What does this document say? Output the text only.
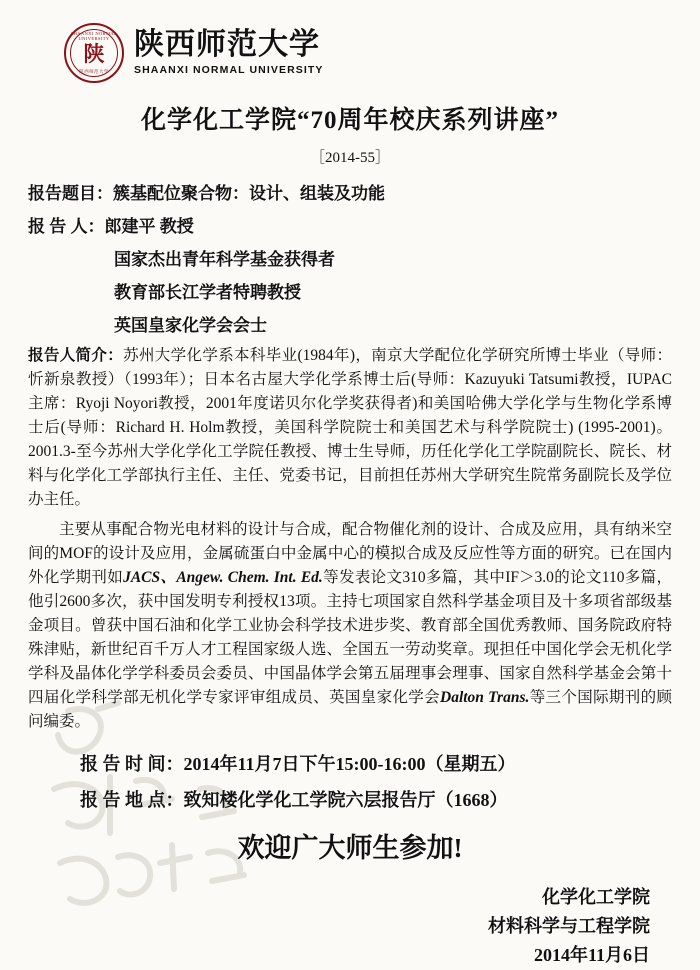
SHAANXI NORMAL UNIVERSITY
陕
陕西师范大学
陕西师范大学
SHAANXI NORMAL UNIVERSITY
化学化工学院“70周年校庆系列讲座”
［2014-55］
报告题目： 簇基配位聚合物：设计、组装及功能
报 告 人： 郎建平 教授
国家杰出青年科学基金获得者
教育部长江学者特聘教授
英国皇家化学会会士
报告人简介：苏州大学化学系本科毕业(1984年)，南京大学配位化学研究所博士毕业（导师：忻新泉教授）（1993年）；日本名古屋大学化学系博士后(导师：Kazuyuki Tatsumi教授，IUPAC主席：Ryoji Noyori教授，2001年度诺贝尔化学奖获得者)和美国哈佛大学化学与生物化学系博士后(导师：Richard H. Holm教授，美国科学院院士和美国艺术与科学院院士) (1995-2001)。2001.3-至今苏州大学化学化工学院任教授、博士生导师，历任化学化工学院副院长、院长、材料与化学化工学部执行主任、主任、党委书记，目前担任苏州大学研究生院常务副院长及学位办主任。
主要从事配合物光电材料的设计与合成，配合物催化剂的设计、合成及应用，具有纳米空间的MOF的设计及应用，金属硫蛋白中金属中心的模拟合成及反应性等方面的研究。已在国内外化学期刊如JACS、Angew. Chem. Int. Ed.等发表论文310多篇，其中IF＞3.0的论文110多篇，他引2600多次，获中国发明专利授权13项。主持七项国家自然科学基金项目及十多项省部级基金项目。曾获中国石油和化学工业协会科学技术进步奖、教育部全国优秀教师、国务院政府特殊津贴，新世纪百千万人才工程国家级人选、全国五一劳动奖章。现担任中国化学会无机化学学科及晶体化学学科委员会委员、中国晶体学会第五届理事会理事、国家自然科学基金会第十四届化学科学部无机化学专家评审组成员、英国皇家化学会Dalton Trans.等三个国际期刊的顾问编委。
报 告 时 间：2014年11月7日下午15:00-16:00（星期五）
报 告 地 点：致知楼化学化工学院六层报告厅（1668）
欢迎广大师生参加!
化学化工学院
材料科学与工程学院
2014年11月6日
